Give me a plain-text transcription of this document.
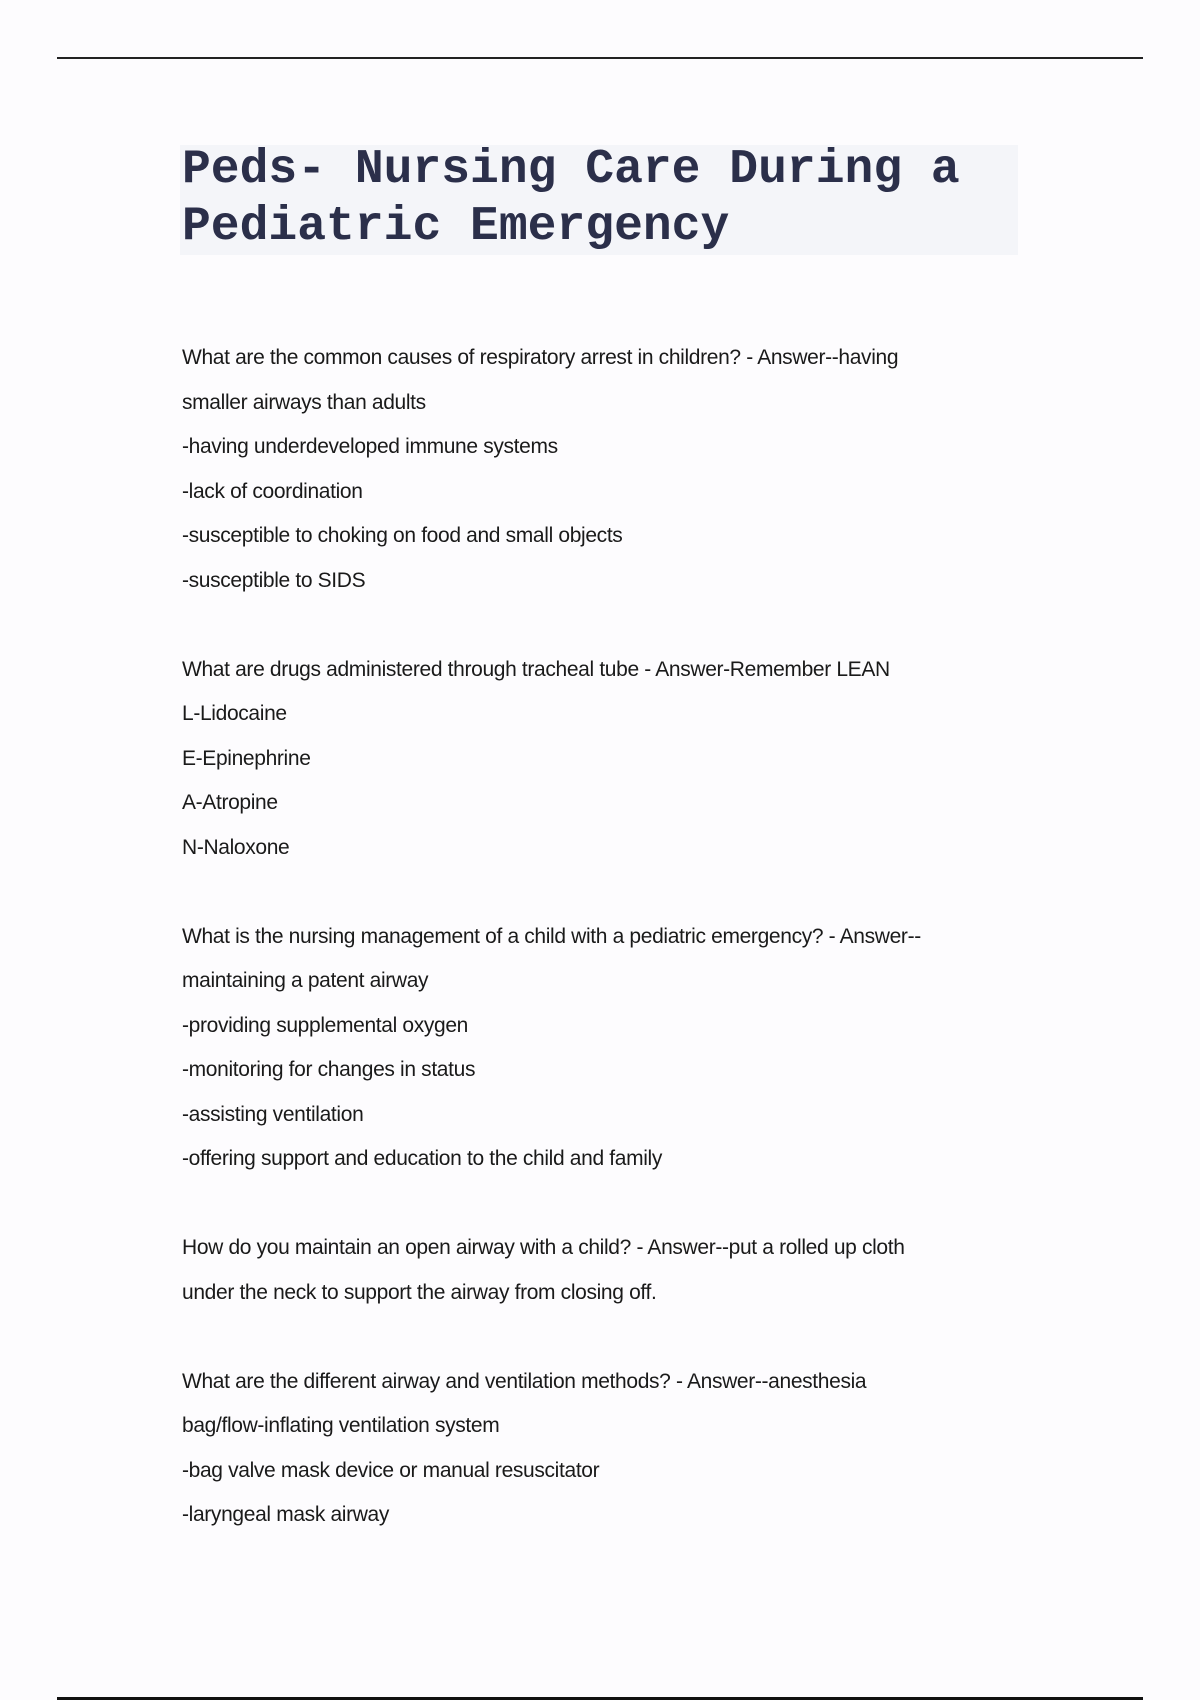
Peds- Nursing Care During a
Pediatric Emergency
What are the common causes of respiratory arrest in children? - Answer--having
smaller airways than adults
-having underdeveloped immune systems
-lack of coordination
-susceptible to choking on food and small objects
-susceptible to SIDS
What are drugs administered through tracheal tube - Answer-Remember LEAN
L-Lidocaine
E-Epinephrine
A-Atropine
N-Naloxone
What is the nursing management of a child with a pediatric emergency? - Answer--
maintaining a patent airway
-providing supplemental oxygen
-monitoring for changes in status
-assisting ventilation
-offering support and education to the child and family
How do you maintain an open airway with a child? - Answer--put a rolled up cloth
under the neck to support the airway from closing off.
What are the different airway and ventilation methods? - Answer--anesthesia
bag/flow-inflating ventilation system
-bag valve mask device or manual resuscitator
-laryngeal mask airway
